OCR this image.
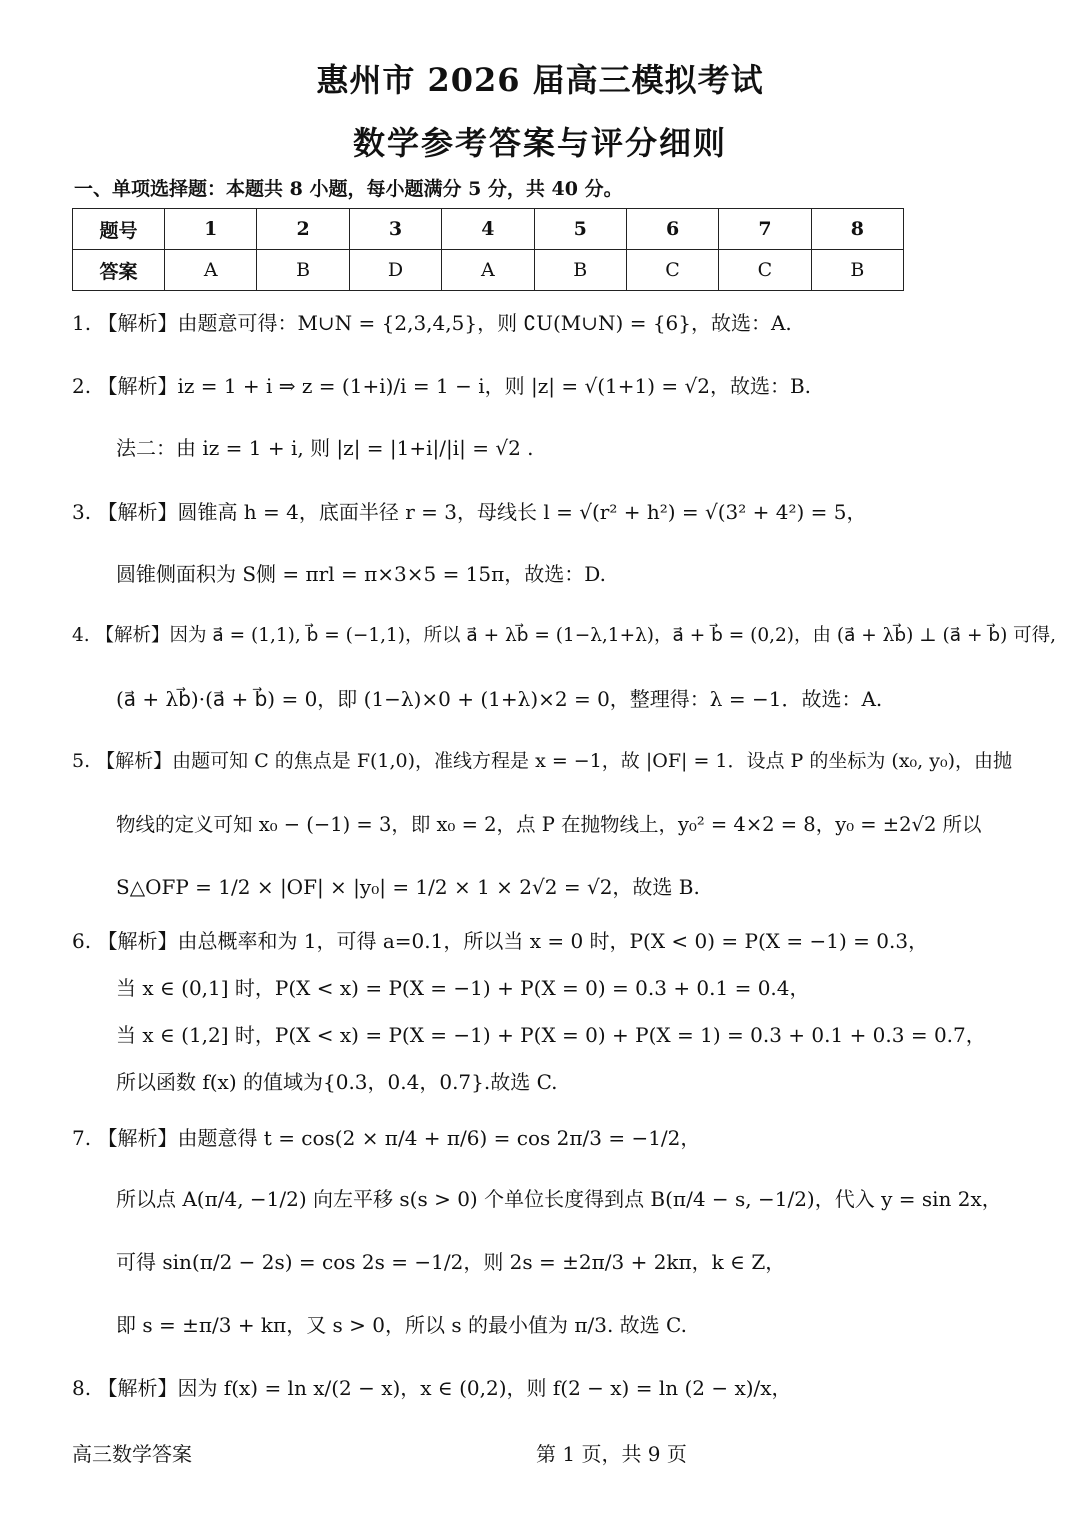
惠州市 2026 届高三模拟考试
数学参考答案与评分细则
一、单项选择题：本题共 8 小题，每小题满分 5 分，共 40 分。
题号	1	2	3	4	5	6	7	8
答案	A	B	D	A	B	C	C	B
1. 【解析】由题意可得：M∪N = {2,3,4,5}，则 ∁U(M∪N) = {6}，故选：A.
2. 【解析】iz = 1 + i ⇒ z = (1+i)/i = 1 − i，则 |z| = √(1+1) = √2，故选：B.
法二：由 iz = 1 + i, 则 |z| = |1+i|/|i| = √2 .
3. 【解析】圆锥高 h = 4，底面半径 r = 3，母线长 l = √(r² + h²) = √(3² + 4²) = 5，
圆锥侧面积为 S侧 = πrl = π×3×5 = 15π，故选：D.
4. 【解析】因为 a⃗ = (1,1), b⃗ = (−1,1)，所以 a⃗ + λb⃗ = (1−λ,1+λ)，a⃗ + b⃗ = (0,2)，由 (a⃗ + λb⃗) ⊥ (a⃗ + b⃗) 可得,
(a⃗ + λb⃗)·(a⃗ + b⃗) = 0，即 (1−λ)×0 + (1+λ)×2 = 0，整理得：λ = −1．故选：A.
5. 【解析】由题可知 C 的焦点是 F(1,0)，准线方程是 x = −1，故 |OF| = 1．设点 P 的坐标为 (x₀, y₀)，由抛
物线的定义可知 x₀ − (−1) = 3，即 x₀ = 2，点 P 在抛物线上，y₀² = 4×2 = 8，y₀ = ±2√2 所以
S△OFP = 1/2 × |OF| × |y₀| = 1/2 × 1 × 2√2 = √2，故选 B.
6. 【解析】由总概率和为 1，可得 a=0.1，所以当 x = 0 时，P(X < 0) = P(X = −1) = 0.3，
当 x ∈ (0,1] 时，P(X < x) = P(X = −1) + P(X = 0) = 0.3 + 0.1 = 0.4，
当 x ∈ (1,2] 时，P(X < x) = P(X = −1) + P(X = 0) + P(X = 1) = 0.3 + 0.1 + 0.3 = 0.7，
所以函数 f(x) 的值域为{0.3，0.4，0.7}.故选 C.
7. 【解析】由题意得 t = cos(2 × π/4 + π/6) = cos 2π/3 = −1/2，
所以点 A(π/4, −1/2) 向左平移 s(s > 0) 个单位长度得到点 B(π/4 − s, −1/2)，代入 y = sin 2x，
可得 sin(π/2 − 2s) = cos 2s = −1/2，则 2s = ±2π/3 + 2kπ，k ∈ Z，
即 s = ±π/3 + kπ，又 s > 0，所以 s 的最小值为 π/3. 故选 C.
8. 【解析】因为 f(x) = ln x/(2 − x)，x ∈ (0,2)，则 f(2 − x) = ln (2 − x)/x，
高三数学答案	第 1 页，共 9 页
